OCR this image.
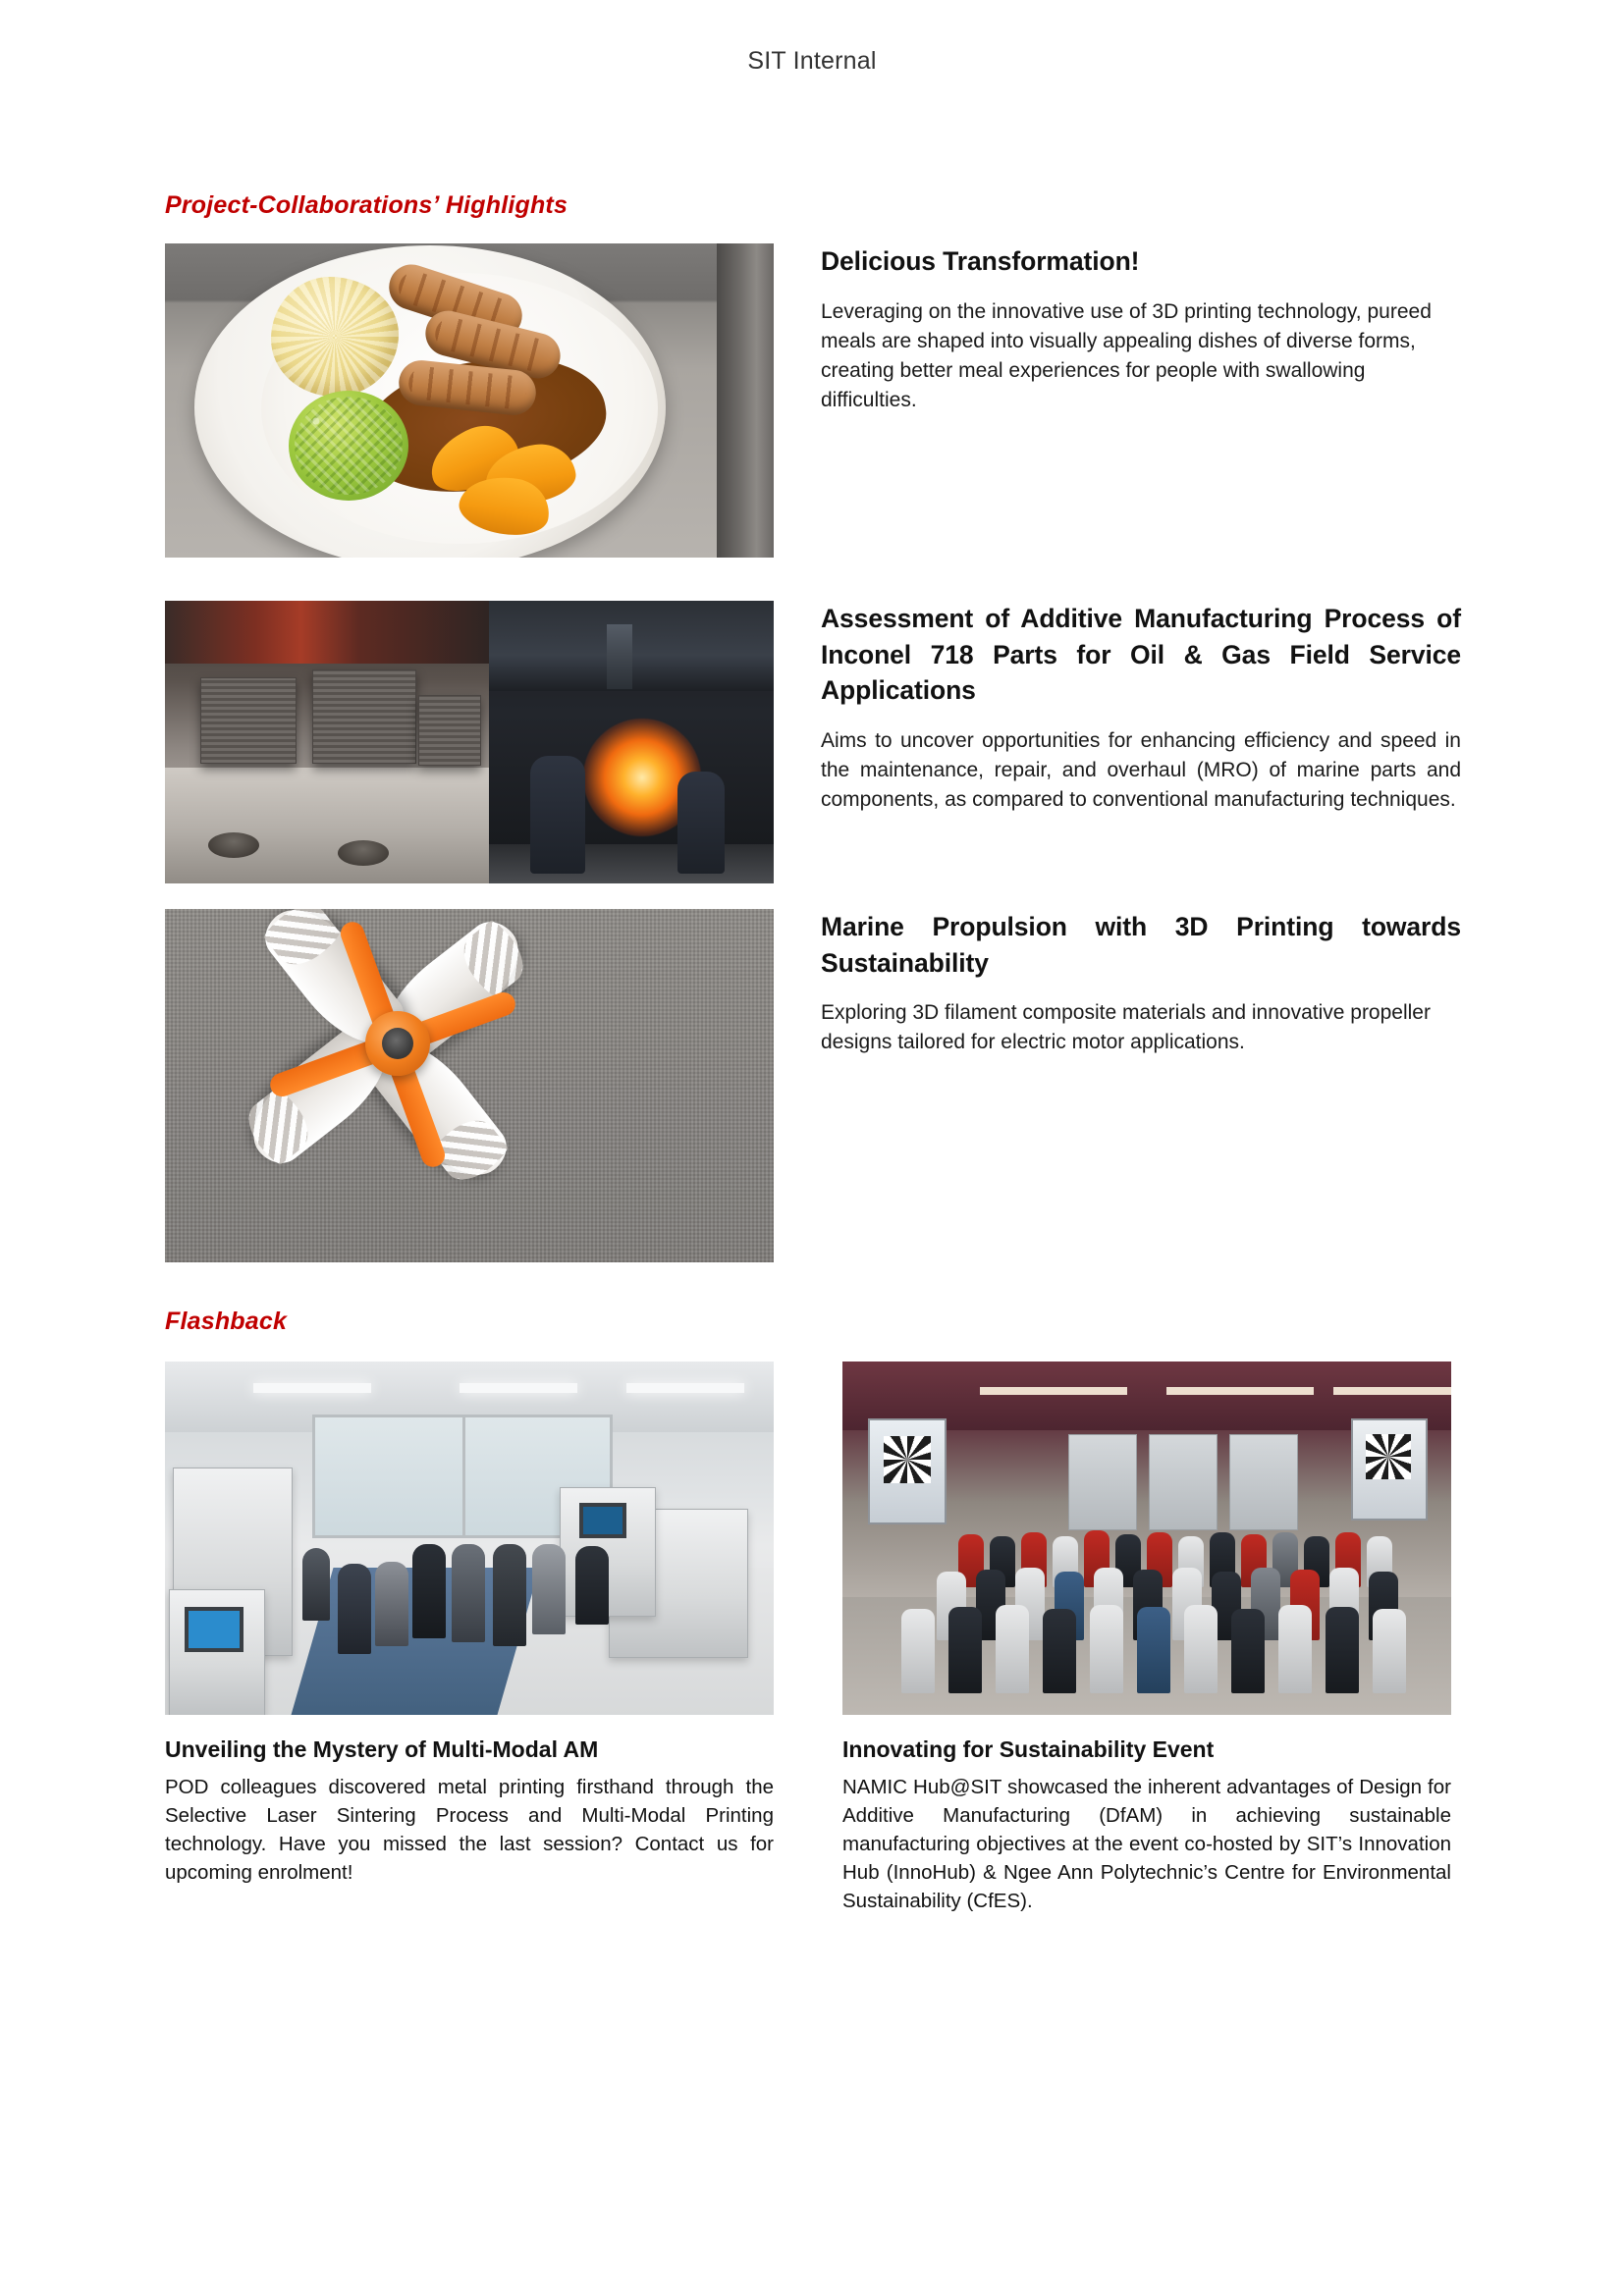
SIT Internal
Project-Collaborations’ Highlights
Delicious Transformation!

Leveraging on the innovative use of 3D printing technology, pureed meals are shaped into visually appealing dishes of diverse forms, creating better meal experiences for people with swallowing difficulties.

Assessment of Additive Manufacturing Process of Inconel 718 Parts for Oil & Gas Field Service Applications

Aims to uncover opportunities for enhancing efficiency and speed in the maintenance, repair, and overhaul (MRO) of marine parts and components, as compared to conventional manufacturing techniques.

Marine Propulsion with 3D Printing towards Sustainability

Exploring 3D filament composite materials and innovative propeller designs tailored for electric motor applications.

Flashback
Unveiling the Mystery of Multi-Modal AM

POD colleagues discovered metal printing firsthand through the Selective Laser Sintering Process and Multi-Modal Printing technology. Have you missed the last session? Contact us for upcoming enrolment!

Innovating for Sustainability Event

NAMIC Hub@SIT showcased the inherent advantages of Design for Additive Manufacturing (DfAM) in achieving sustainable manufacturing objectives at the event co-hosted by SIT’s Innovation Hub (InnoHub) & Ngee Ann Polytechnic’s Centre for Environmental Sustainability (CfES).
